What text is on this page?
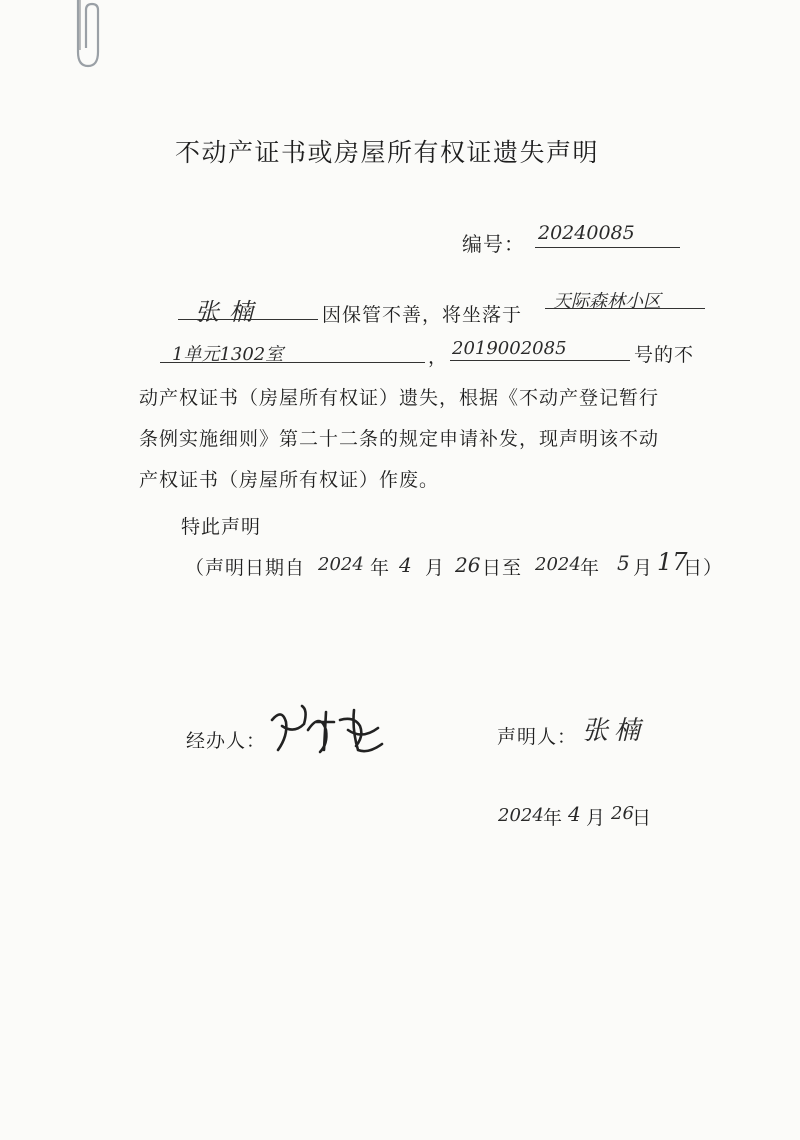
不动产证书或房屋所有权证遗失声明
编号： 20240085
张楠	因保管不善，将坐落于
天际森林小区
1单元1302室	， 2019002085	号的不
动产权证书（房屋所有权证）遗失，根据《不动产登记暂行
条例实施细则》第二十二条的规定申请补发，现声明该不动
产权证书（房屋所有权证）作废。
特此声明
（声明日期自 2024 年 4 月 26 日至 2024 年 5 月 17
日）
经办人：	声明人： 张楠
2024 年 4 月 26
日
